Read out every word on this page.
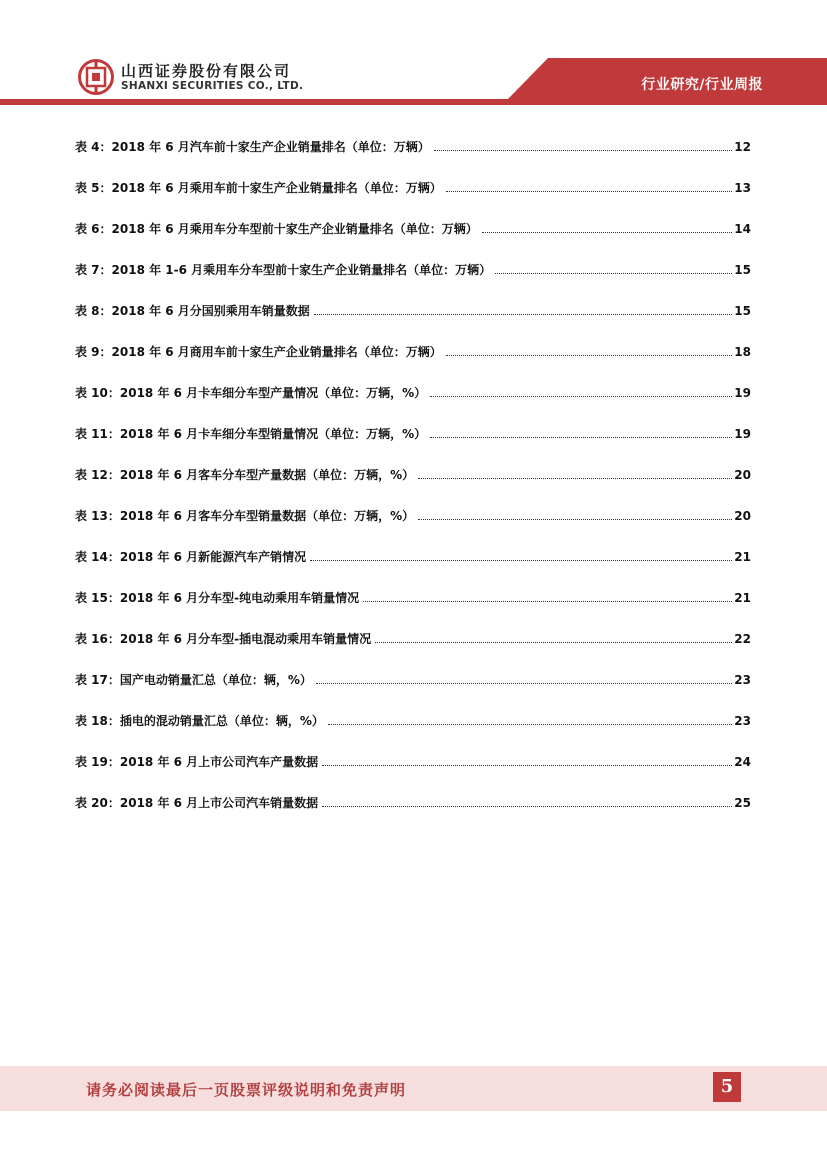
山西证券股份有限公司
SHANXI SECURITIES CO., LTD.	行业研究/行业周报
表 4：2018 年 6 月汽车前十家生产企业销量排名（单位：万辆）	12
表 5：2018 年 6 月乘用车前十家生产企业销量排名（单位：万辆）	13
表 6：2018 年 6 月乘用车分车型前十家生产企业销量排名（单位：万辆）	14
表 7：2018 年 1-6 月乘用车分车型前十家生产企业销量排名（单位：万辆）	15
表 8：2018 年 6 月分国别乘用车销量数据	15
表 9：2018 年 6 月商用车前十家生产企业销量排名（单位：万辆）	18
表 10：2018 年 6 月卡车细分车型产量情况（单位：万辆，%）	19
表 11：2018 年 6 月卡车细分车型销量情况（单位：万辆，%）	19
表 12：2018 年 6 月客车分车型产量数据（单位：万辆，%）	20
表 13：2018 年 6 月客车分车型销量数据（单位：万辆，%）	20
表 14：2018 年 6 月新能源汽车产销情况	21
表 15：2018 年 6 月分车型-纯电动乘用车销量情况	21
表 16：2018 年 6 月分车型-插电混动乘用车销量情况	22
表 17：国产电动销量汇总（单位：辆，%）	23
表 18：插电的混动销量汇总（单位：辆，%）	23
表 19：2018 年 6 月上市公司汽车产量数据	24
表 20：2018 年 6 月上市公司汽车销量数据	25
请务必阅读最后一页股票评级说明和免责声明	5
